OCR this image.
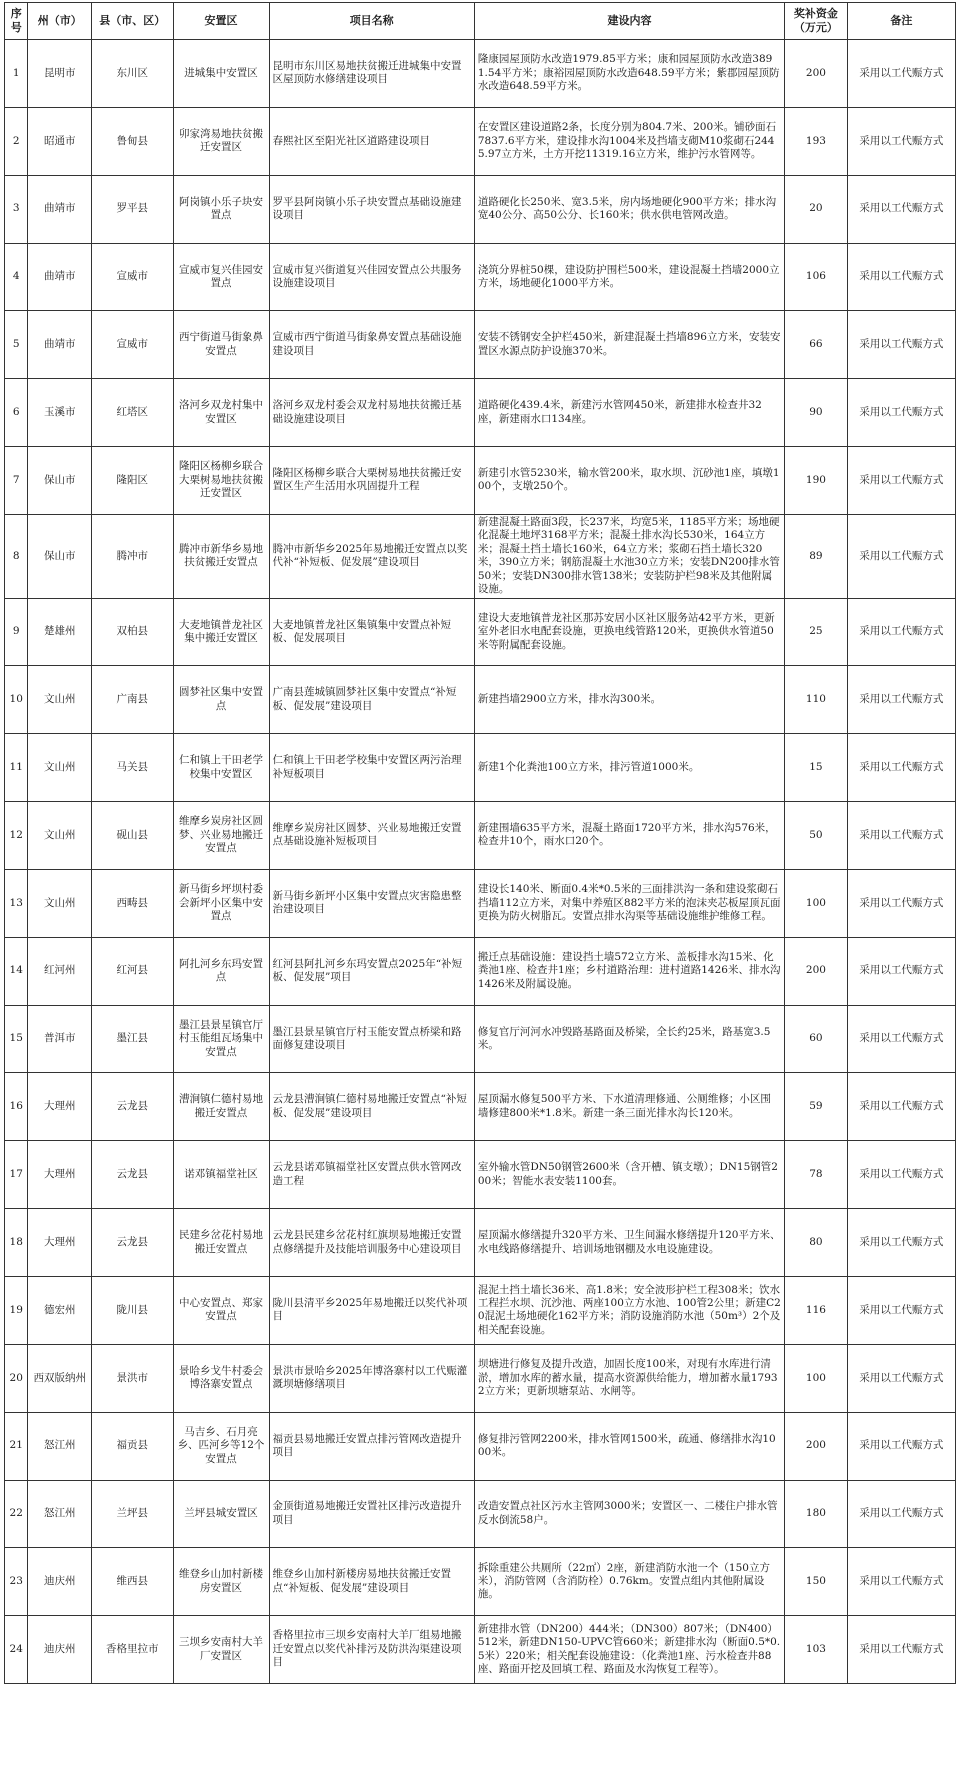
序号	州（市）	县（市、区）	安置区	项目名称	建设内容	奖补资金（万元）	备注
1	昆明市	东川区	进城集中安置区	昆明市东川区易地扶贫搬迁进城集中安置区屋顶防水修缮建设项目	隆康园屋顶防水改造1979.85平方米；康和园屋顶防水改造3891.54平方米；康裕园屋顶防水改造648.59平方米；紫郡园屋顶防水改造648.59平方米。	200	采用以工代赈方式
2	昭通市	鲁甸县	卯家湾易地扶贫搬迁安置区	春熙社区至阳光社区道路建设项目	在安置区建设道路2条，长度分别为804.7米、200米。铺砂面石7837.6平方米，建设排水沟1004米及挡墙支砌M10浆砌石2445.97立方米，土方开挖11319.16立方米，维护污水管网等。	193	采用以工代赈方式
3	曲靖市	罗平县	阿岗镇小乐子块安置点	罗平县阿岗镇小乐子块安置点基础设施建设项目	道路硬化长250米、宽3.5米，房内场地硬化900平方米；排水沟宽40公分、高50公分、长160米；供水供电管网改造。	20	采用以工代赈方式
4	曲靖市	宣威市	宣威市复兴佳园安置点	宣威市复兴街道复兴佳园安置点公共服务设施建设项目	浇筑分界桩50棵，建设防护围栏500米，建设混凝土挡墙2000立方米，场地硬化1000平方米。	106	采用以工代赈方式
5	曲靖市	宣威市	西宁街道马街象鼻安置点	宣威市西宁街道马街象鼻安置点基础设施建设项目	安装不锈钢安全护栏450米，新建混凝土挡墙896立方米，安装安置区水源点防护设施370米。	66	采用以工代赈方式
6	玉溪市	红塔区	洛河乡双龙村集中安置区	洛河乡双龙村委会双龙村易地扶贫搬迁基础设施建设项目	道路硬化439.4米，新建污水管网450米，新建排水检查井32座，新建雨水口134座。	90	采用以工代赈方式
7	保山市	隆阳区	隆阳区杨柳乡联合大栗树易地扶贫搬迁安置区	隆阳区杨柳乡联合大栗树易地扶贫搬迁安置区生产生活用水巩固提升工程	新建引水管5230米，输水管200米，取水坝、沉砂池1座，填墩100个，支墩250个。	190	采用以工代赈方式
8	保山市	腾冲市	腾冲市新华乡易地扶贫搬迁安置点	腾冲市新华乡2025年易地搬迁安置点以奖代补“补短板、促发展”建设项目	新建混凝土路面3段，长237米，均宽5米，1185平方米；场地硬化混凝土地坪3168平方米；混凝土排水沟长530米，164立方米；混凝土挡土墙长160米，64立方米；浆砌石挡土墙长320米，390立方米；钢筋混凝土水池30立方米；安装DN200排水管50米；安装DN300排水管138米；安装防护栏98米及其他附属设施。	89	采用以工代赈方式
9	楚雄州	双柏县	大麦地镇普龙社区集中搬迁安置区	大麦地镇普龙社区集镇集中安置点补短板、促发展项目	建设大麦地镇普龙社区那苏安居小区社区服务站42平方米，更新室外老旧水电配套设施，更换电线管路120米，更换供水管道50米等附属配套设施。	25	采用以工代赈方式
10	文山州	广南县	圆梦社区集中安置点	广南县莲城镇圆梦社区集中安置点“补短板、促发展”建设项目	新建挡墙2900立方米，排水沟300米。	110	采用以工代赈方式
11	文山州	马关县	仁和镇上干田老学校集中安置区	仁和镇上干田老学校集中安置区两污治理补短板项目	新建1个化粪池100立方米，排污管道1000米。	15	采用以工代赈方式
12	文山州	砚山县	维摩乡炭房社区圆梦、兴业易地搬迁安置点	维摩乡炭房社区圆梦、兴业易地搬迁安置点基础设施补短板项目	新建围墙635平方米，混凝土路面1720平方米，排水沟576米，检查井10个，雨水口20个。	50	采用以工代赈方式
13	文山州	西畴县	新马街乡坪坝村委会新坪小区集中安置点	新马街乡新坪小区集中安置点灾害隐患整治建设项目	建设长140米、断面0.4米*0.5米的三面排洪沟一条和建设浆砌石挡墙112立方米，对集中养殖区882平方米的泡沫夹芯板屋顶瓦面更换为防火树脂瓦。安置点排水沟渠等基础设施维护维修工程。	100	采用以工代赈方式
14	红河州	红河县	阿扎河乡东玛安置点	红河县阿扎河乡东玛安置点2025年“补短板、促发展”项目	搬迁点基础设施：建设挡土墙572立方米、盖板排水沟15米、化粪池1座、检查井1座；乡村道路治理：进村道路1426米、排水沟1426米及附属设施。	200	采用以工代赈方式
15	普洱市	墨江县	墨江县景星镇官厅村玉能组瓦场集中安置点	墨江县景星镇官厅村玉能安置点桥梁和路面修复建设项目	修复官厅河河水冲毁路基路面及桥梁，全长约25米，路基宽3.5米。	60	采用以工代赈方式
16	大理州	云龙县	漕涧镇仁德村易地搬迁安置点	云龙县漕涧镇仁德村易地搬迁安置点“补短板、促发展”建设项目	屋顶漏水修复500平方米、下水道清理修通、公厕维修；小区围墙修建800米*1.8米。新建一条三面光排水沟长120米。	59	采用以工代赈方式
17	大理州	云龙县	诺邓镇福堂社区	云龙县诺邓镇福堂社区安置点供水管网改造工程	室外输水管DN50钢管2600米（含开槽、镇支墩）；DN15钢管200米；智能水表安装1100套。	78	采用以工代赈方式
18	大理州	云龙县	民建乡岔花村易地搬迁安置点	云龙县民建乡岔花村红旗坝易地搬迁安置点修缮提升及技能培训服务中心建设项目	屋顶漏水修缮提升320平方米、卫生间漏水修缮提升120平方米、水电线路修缮提升、培训场地钢棚及水电设施建设。	80	采用以工代赈方式
19	德宏州	陇川县	中心安置点、郑家安置点	陇川县清平乡2025年易地搬迁以奖代补项目	混泥土挡土墙长36米、高1.8米；安全波形护栏工程308米；饮水工程拦水坝、沉沙池、两座100立方水池、100管2公里；新建C20混泥土场地硬化162平方米；消防设施消防水池（50m³）2个及相关配套设施。	116	采用以工代赈方式
20	西双版纳州	景洪市	景哈乡戈牛村委会博洛寨安置点	景洪市景哈乡2025年博洛寨村以工代赈灌溉坝塘修缮项目	坝塘进行修复及提升改造，加固长度100米，对现有水库进行清淤，增加水库的蓄水量，提高水资源供给能力，增加蓄水量17932立方米；更新坝塘泵站、水闸等。	100	采用以工代赈方式
21	怒江州	福贡县	马吉乡、石月亮乡、匹河乡等12个安置点	福贡县易地搬迁安置点排污管网改造提升项目	修复排污管网2200米，排水管网1500米，疏通、修缮排水沟1000米。	200	采用以工代赈方式
22	怒江州	兰坪县	兰坪县城安置区	金顶街道易地搬迁安置社区排污改造提升项目	改造安置点社区污水主管网3000米；安置区一、二楼住户排水管反水倒流58户。	180	采用以工代赈方式
23	迪庆州	维西县	维登乡山加村新楼房安置区	维登乡山加村新楼房易地扶贫搬迁安置点“补短板、促发展”建设项目	拆除重建公共厕所（22㎡）2座，新建消防水池一个（150立方米），消防管网（含消防栓）0.76km。安置点组内其他附属设施。	150	采用以工代赈方式
24	迪庆州	香格里拉市	三坝乡安南村大羊厂安置区	香格里拉市三坝乡安南村大羊厂组易地搬迁安置点以奖代补排污及防洪沟渠建设项目	新建排水管（DN200）444米；（DN300）807米；（DN400）512米，新建DN150-UPVC管660米；新建排水沟（断面0.5*0.5米）220米；相关配套设施建设：（化粪池1座、污水检查井88座、路面开挖及回填工程、路面及水沟恢复工程等）。	103	采用以工代赈方式
